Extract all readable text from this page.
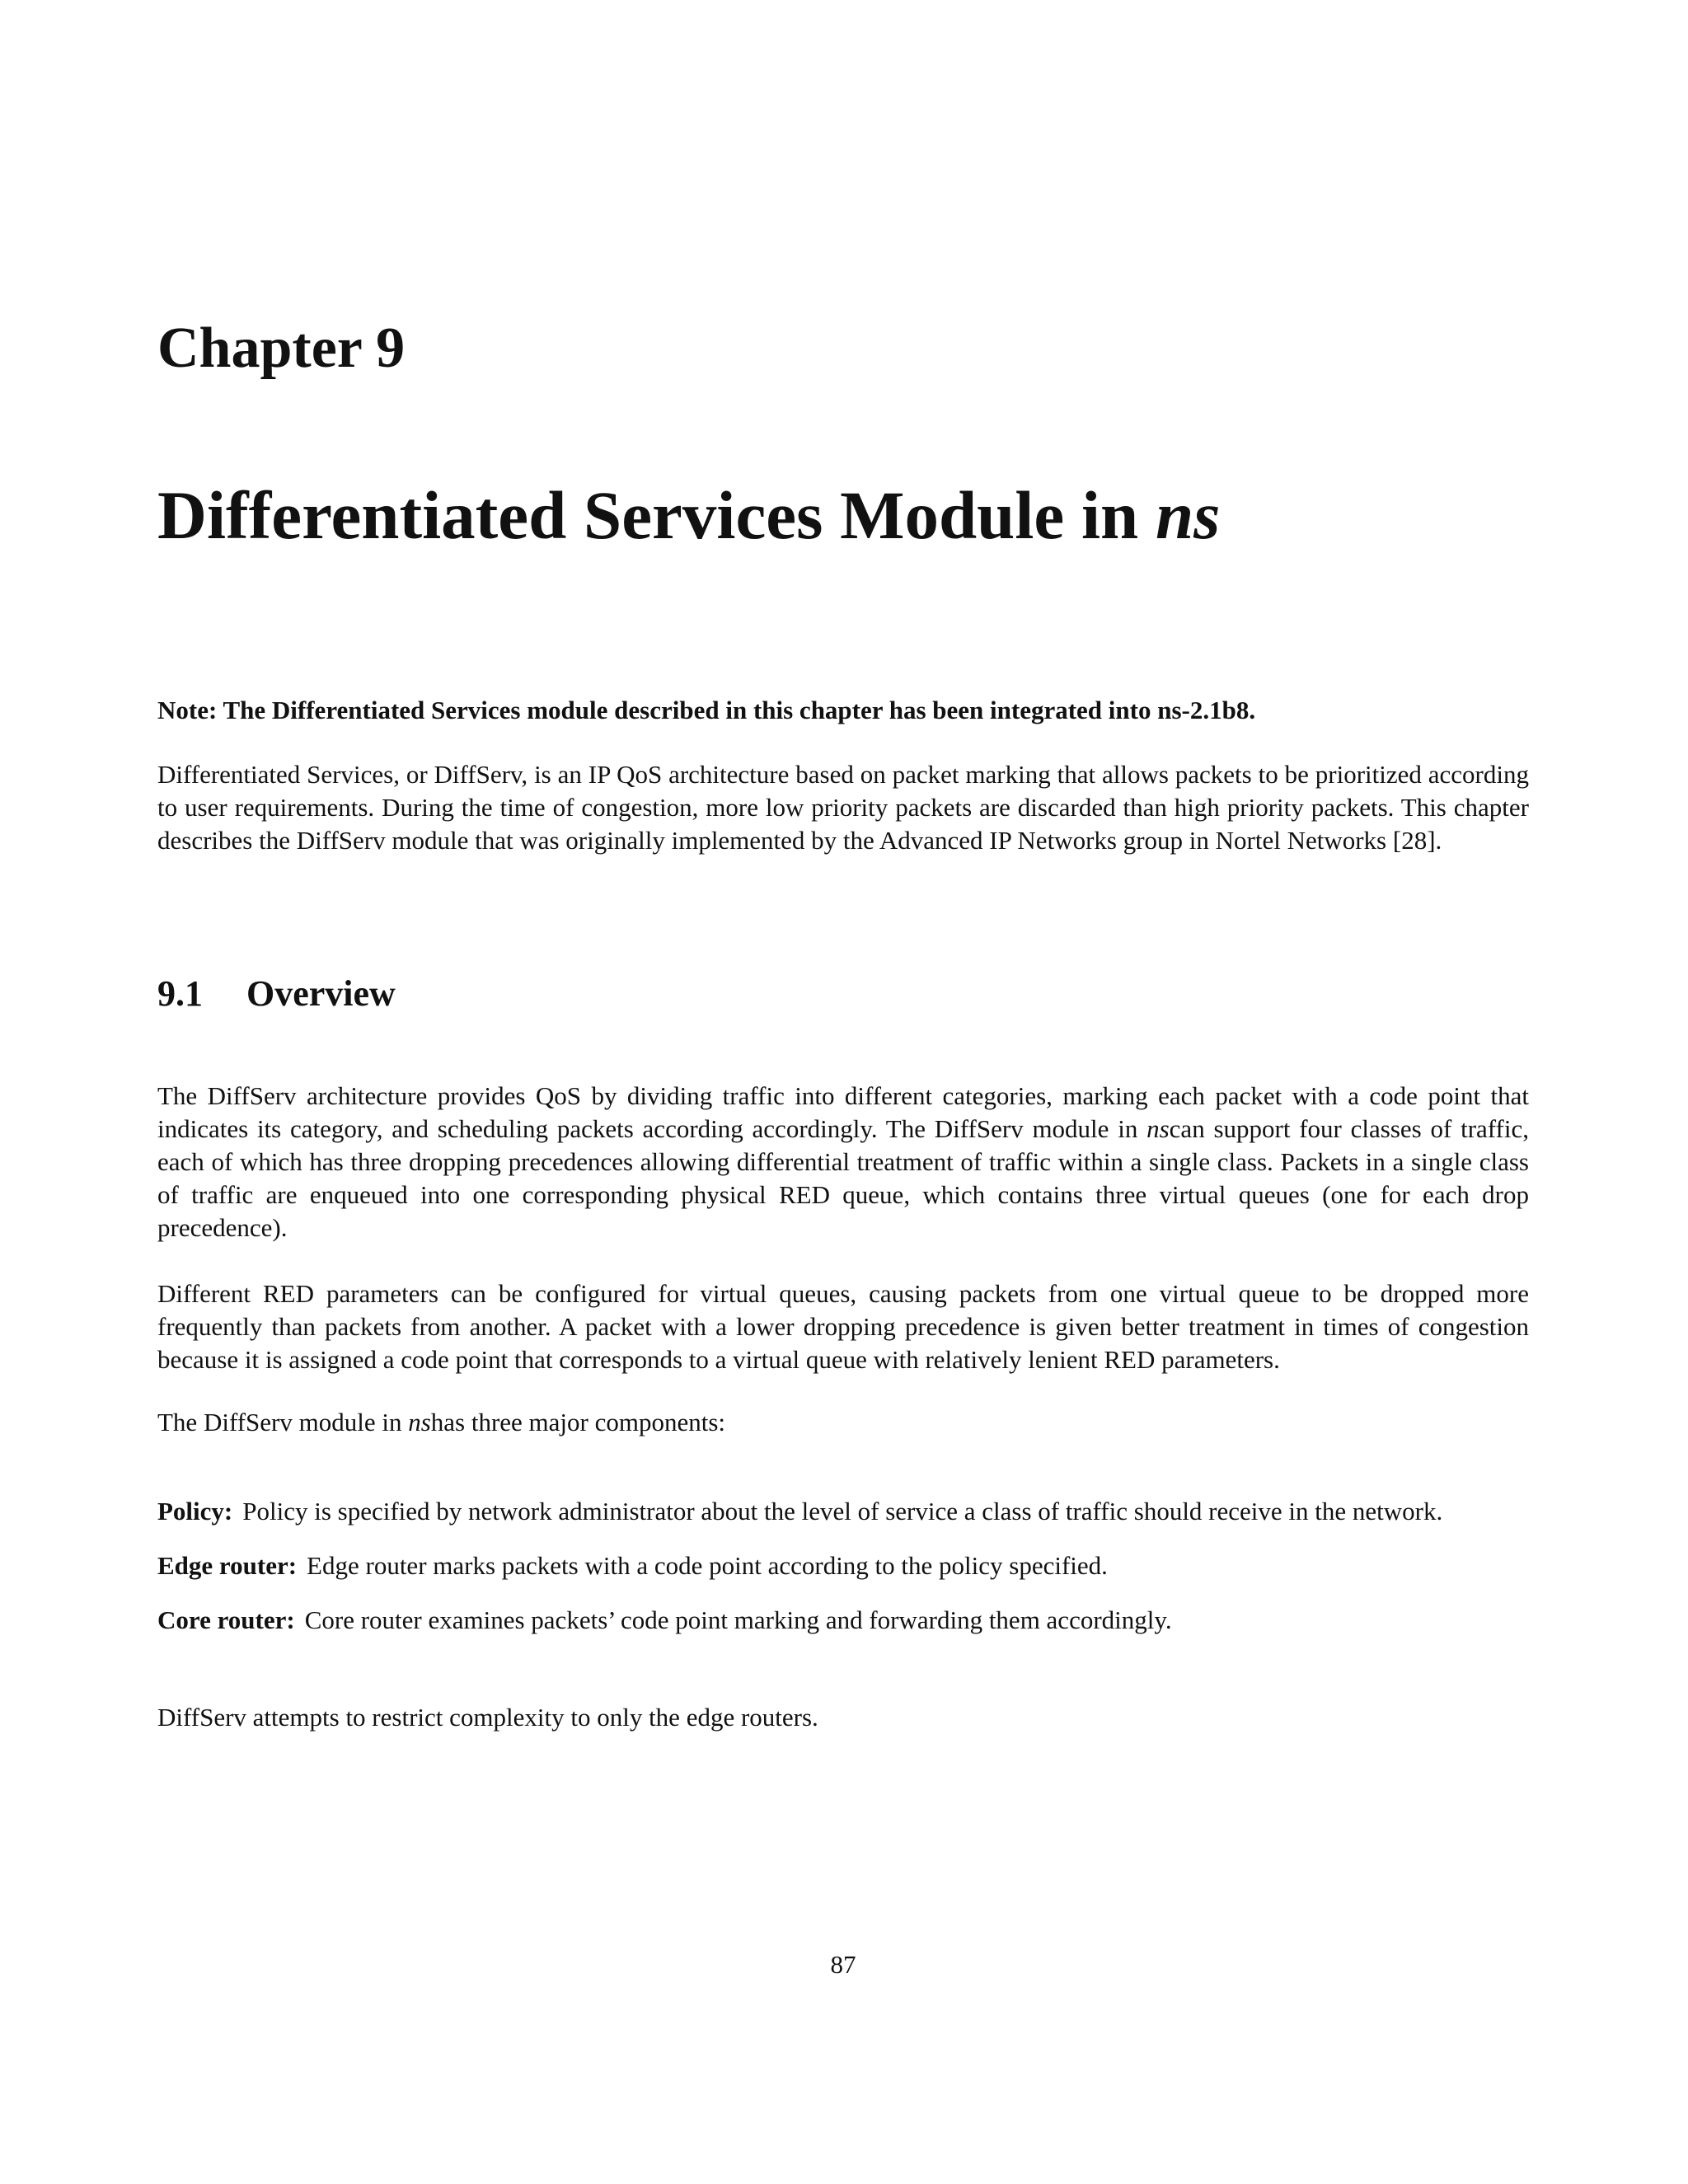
Chapter 9
Differentiated Services Module in ns

Note: The Differentiated Services module described in this chapter has been integrated into ns-2.1b8.

Differentiated Services, or DiffServ, is an IP QoS architecture based on packet marking that allows packets to be prioritized according to user requirements. During the time of congestion, more low priority packets are discarded than high priority packets. This chapter describes the DiffServ module that was originally implemented by the Advanced IP Networks group in Nortel Networks [28].

9.1 Overview

The DiffServ architecture provides QoS by dividing traffic into different categories, marking each packet with a code point that indicates its category, and scheduling packets according accordingly. The DiffServ module in nscan support four classes of traffic, each of which has three dropping precedences allowing differential treatment of traffic within a single class. Packets in a single class of traffic are enqueued into one corresponding physical RED queue, which contains three virtual queues (one for each drop precedence).

Different RED parameters can be configured for virtual queues, causing packets from one virtual queue to be dropped more frequently than packets from another. A packet with a lower dropping precedence is given better treatment in times of congestion because it is assigned a code point that corresponds to a virtual queue with relatively lenient RED parameters.

The DiffServ module in nshas three major components:

Policy: Policy is specified by network administrator about the level of service a class of traffic should receive in the network.

Edge router: Edge router marks packets with a code point according to the policy specified.

Core router: Core router examines packets’ code point marking and forwarding them accordingly.

DiffServ attempts to restrict complexity to only the edge routers.

87
